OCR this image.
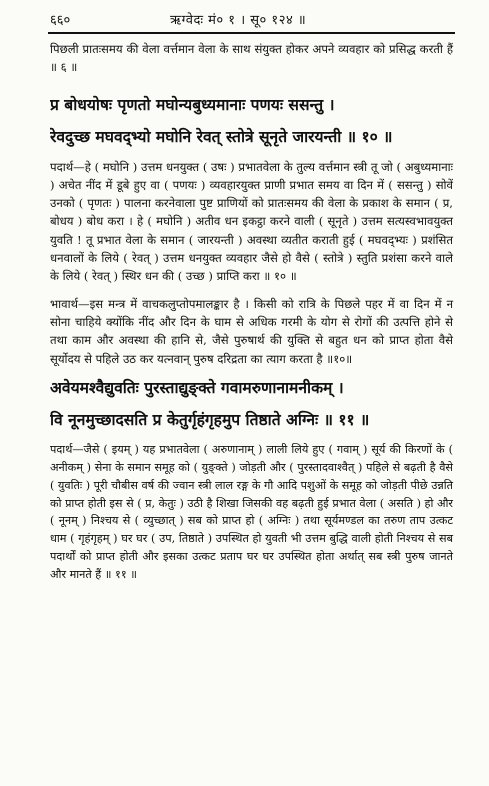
६६०	ऋग्वेदः मं० १ । सू० १२४ ॥

पिछली प्रातःसमय की वेला वर्त्तमान वेला के साथ संयुक्त होकर अपने व्यवहार को प्रसिद्ध करती हैं ॥ ६ ॥

प्र बोधयोषः पृणतो मघोन्यबुध्यमानाः पणयः ससन्तु ।

रेवदुच्छ मघवद्भ्यो मघोनि रेवत् स्तोत्रे सूनृते जारयन्ती ॥ १० ॥

पदार्थ—हे ( मघोनि ) उत्तम धनयुक्त ( उषः ) प्रभातवेला के तुल्य वर्त्तमान स्त्री तू जो ( अबुध्यमानाः ) अचेत नींद में डूबे हुए वा ( पणयः ) व्यवहारयुक्त प्राणी प्रभात समय वा दिन में ( ससन्तु ) सोवें उनको ( पृणतः ) पालना करनेवाला पुष्ट प्राणियों को प्रातःसमय की वेला के प्रकाश के समान ( प्र, बोधय ) बोध करा । हे ( मघोनि ) अतीव धन इकट्ठा करने वाली ( सूनृते ) उत्तम सत्यस्वभावयुक्त युवति ! तू प्रभात वेला के समान ( जारयन्ती ) अवस्था व्यतीत कराती हुई ( मघवद्भ्यः ) प्रशंसित धनवालों के लिये ( रेवत् ) उत्तम धनयुक्त व्यवहार जैसे हो वैसे ( स्तोत्रे ) स्तुति प्रशंसा करने वाले के लिये ( रेवत् ) स्थिर धन की ( उच्छ ) प्राप्ति करा ॥ १० ॥

भावार्थ—इस मन्त्र में वाचकलुप्तोपमालङ्कार है । किसी को रात्रि के पिछले पहर में वा दिन में न सोना चाहिये क्योंकि नींद और दिन के घाम से अधिक गरमी के योग से रोगों की उत्पत्ति होने से तथा काम और अवस्था की हानि से, जैसे पुरुषार्थ की युक्ति से बहुत धन को प्राप्त होता वैसे सूर्योदय से पहिले उठ कर यत्नवान् पुरुष दरिद्रता का त्याग करता है ॥१०॥

अवेयमश्वैद्युवतिः पुरस्ताद्युङ्क्ते गवामरुणानामनीकम् ।

वि नूनमुच्छादसति प्र केतुर्गृहंगृहमुप तिष्ठाते अग्निः ॥ ११ ॥

पदार्थ—जैसे ( इयम् ) यह प्रभातवेला ( अरुणानाम् ) लाली लिये हुए ( गवाम् ) सूर्य की किरणों के ( अनीकम् ) सेना के समान समूह को ( युङ्क्ते ) जोड़ती और ( पुरस्तादवाश्वैत् ) पहिले से बढ़ती है वैसे ( युवतिः ) पूरी चौबीस वर्ष की ज्वान स्त्री लाल रङ्ग के गौ आदि पशुओं के समूह को जोड़ती पीछे उन्नति को प्राप्त होती इस से ( प्र, केतुः ) उठी है शिखा जिसकी वह बढ़ती हुई प्रभात वेला ( असति ) हो और ( नूनम् ) निश्चय से ( व्युच्छात् ) सब को प्राप्त हो ( अग्निः ) तथा सूर्यमण्डल का तरुण ताप उत्कट धाम ( गृहंगृहम् ) घर घर ( उप, तिष्ठाते ) उपस्थित हो युवती भी उत्तम बुद्धि वाली होती निश्चय से सब पदार्थों को प्राप्त होती और इसका उत्कट प्रताप घर घर उपस्थित होता अर्थात् सब स्त्री पुरुष जानते और मानते हैं ॥ ११ ॥
